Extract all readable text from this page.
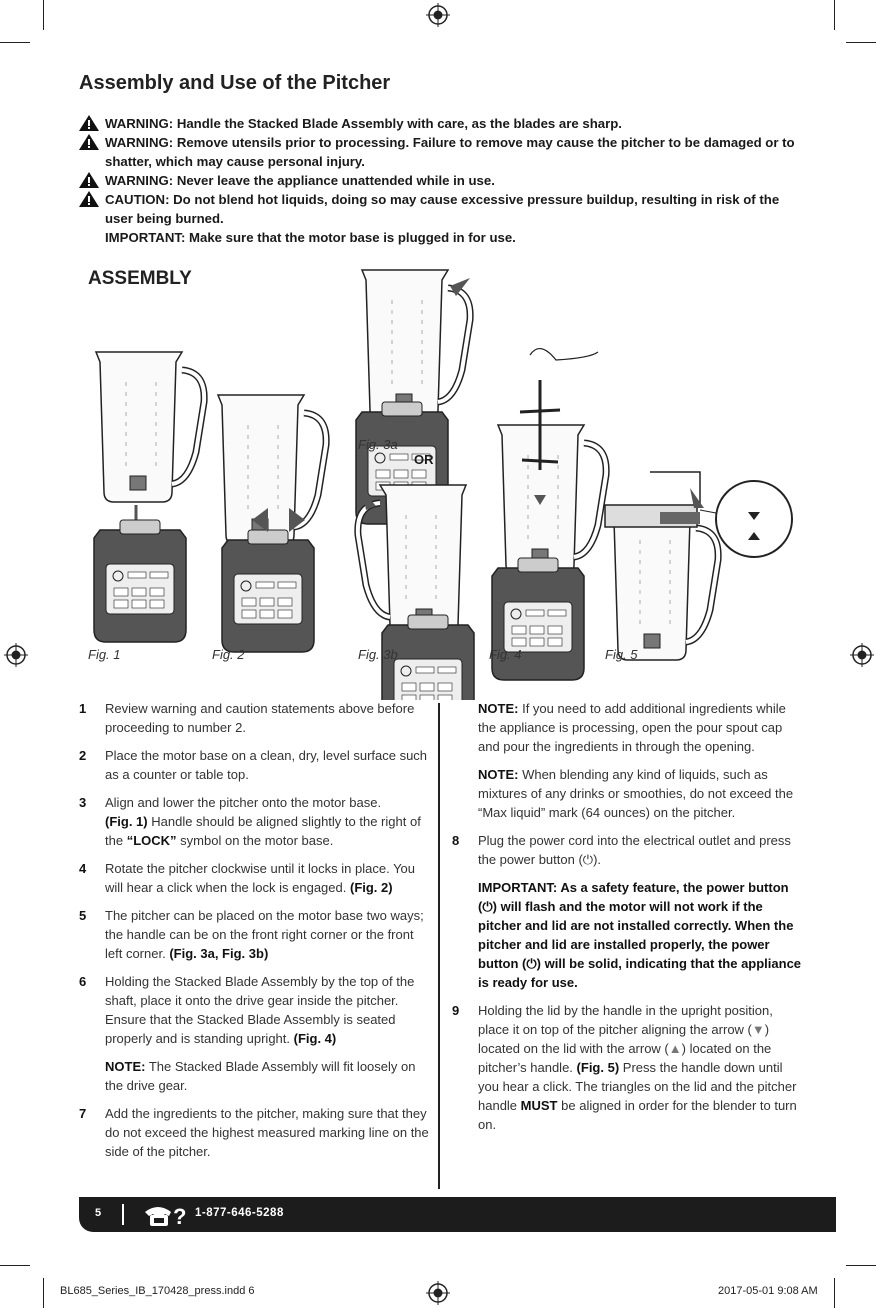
Assembly and Use of the Pitcher
WARNING: Handle the Stacked Blade Assembly with care, as the blades are sharp.
WARNING: Remove utensils prior to processing. Failure to remove may cause the pitcher to be damaged or to shatter, which may cause personal injury.
WARNING: Never leave the appliance unattended while in use.
CAUTION: Do not blend hot liquids, doing so may cause excessive pressure buildup, resulting in risk of the user being burned.
IMPORTANT: Make sure that the motor base is plugged in for use.
ASSEMBLY
Fig. 1	Fig. 2
Fig. 3a
Fig. 3b	Fig. 4	Fig. 5
OR
1 Review warning and caution statements above before proceeding to number 2.
2 Place the motor base on a clean, dry, level surface such as a counter or table top.
3 Align and lower the pitcher onto the motor base.
(Fig. 1) Handle should be aligned slightly to the right of the “LOCK” symbol on the motor base.
4 Rotate the pitcher clockwise until it locks in place. You will hear a click when the lock is engaged. (Fig. 2)
5 The pitcher can be placed on the motor base two ways; the handle can be on the front right corner or the front left corner. (Fig. 3a, Fig. 3b)
6 Holding the Stacked Blade Assembly by the top of the shaft, place it onto the drive gear inside the pitcher. Ensure that the Stacked Blade Assembly is seated properly and is standing upright. (Fig. 4)
NOTE: The Stacked Blade Assembly will fit loosely on the drive gear.
7 Add the ingredients to the pitcher, making sure that they do not exceed the highest measured marking line on the side of the pitcher.
NOTE: If you need to add additional ingredients while the appliance is processing, open the pour spout cap and pour the ingredients in through the opening.
NOTE: When blending any kind of liquids, such as mixtures of any drinks or smoothies, do not exceed the “Max liquid” mark (64 ounces) on the pitcher.
8 Plug the power cord into the electrical outlet and press the power button (⏻).
IMPORTANT: As a safety feature, the power button (⏻) will flash and the motor will not work if the pitcher and lid are not installed correctly. When the pitcher and lid are installed properly, the power button (⏻) will be solid, indicating that the appliance is ready for use.
9 Holding the lid by the handle in the upright position, place it on top of the pitcher aligning the arrow (▼) located on the lid with the arrow (▲) located on the pitcher’s handle. (Fig. 5) Press the handle down until you hear a click. The triangles on the lid and the pitcher handle MUST be aligned in order for the blender to turn on.
5	? 1-877-646-5288
BL685_Series_IB_170428_press.indd 6	2017-05-01 9:08 AM
